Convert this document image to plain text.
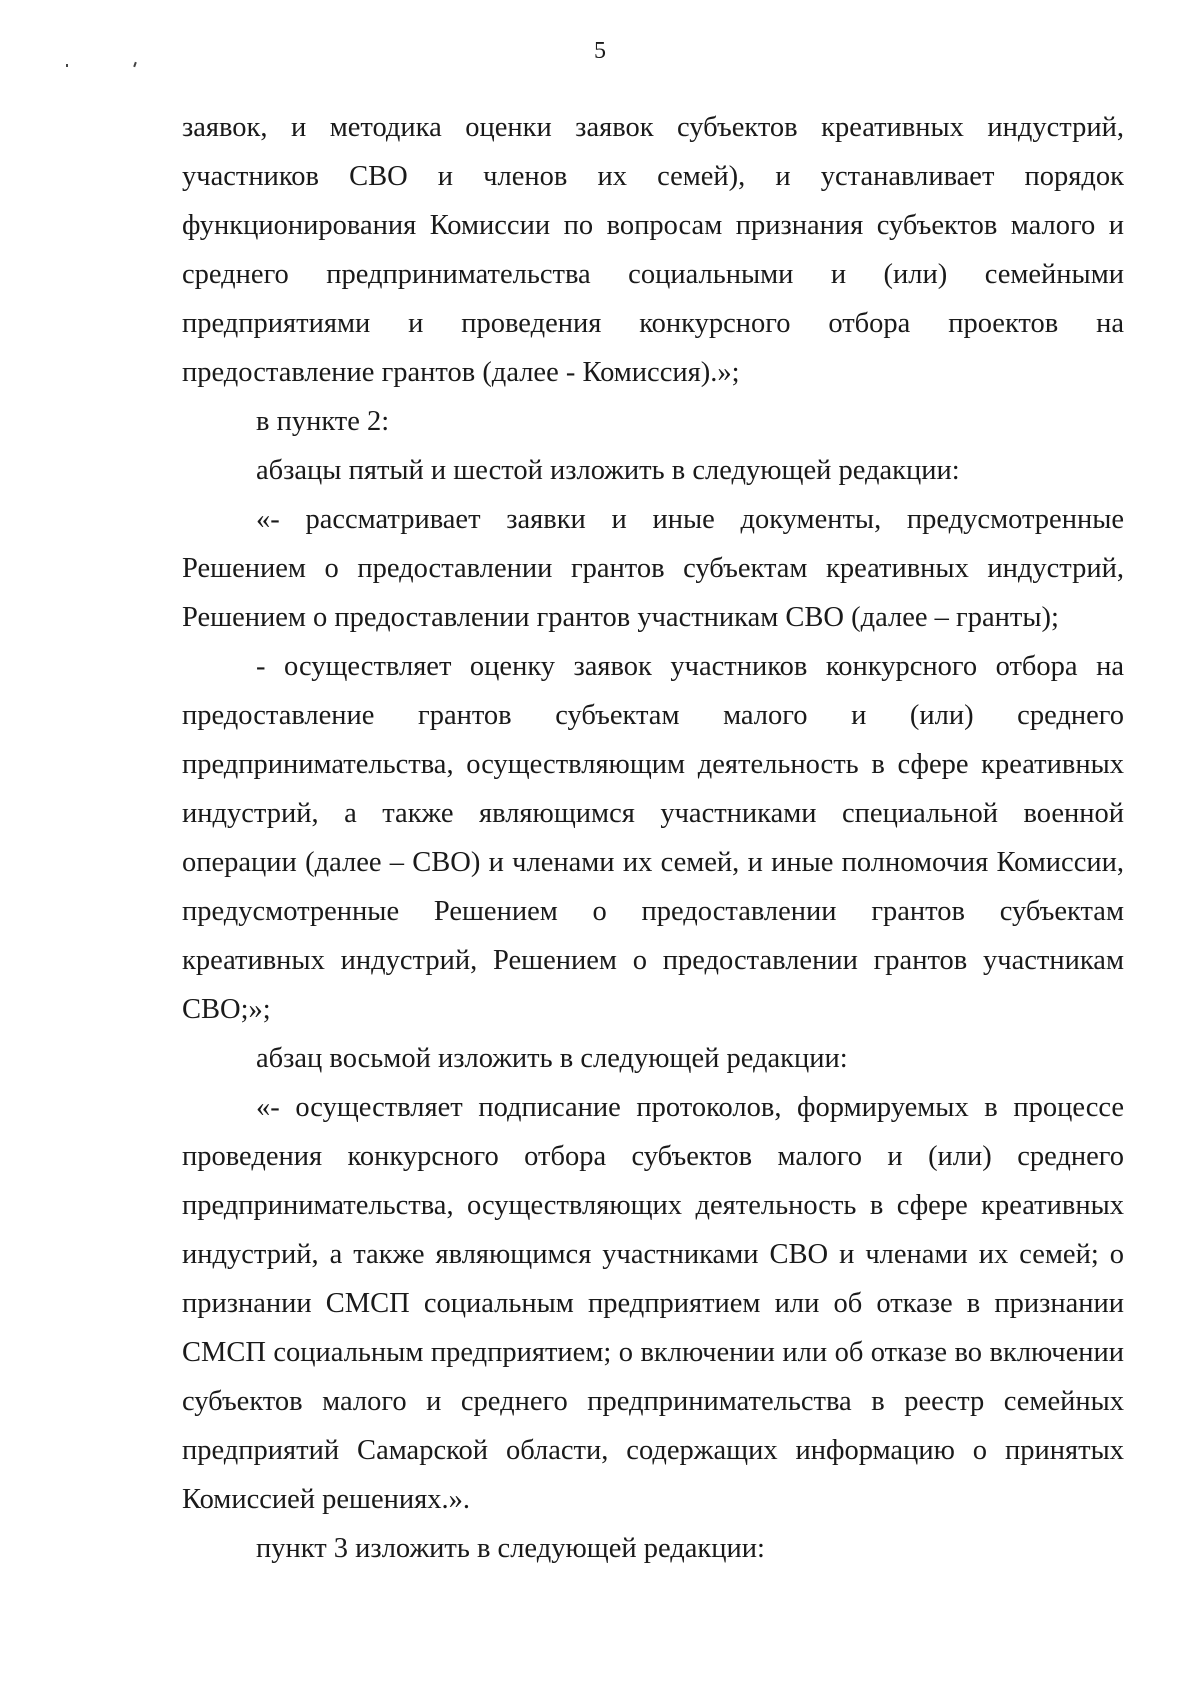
5

заявок, и методика оценки заявок субъектов креативных индустрий, участников СВО и членов их семей), и устанавливает порядок функционирования Комиссии по вопросам признания субъектов малого и среднего предпринимательства социальными и (или) семейными предприятиями и проведения конкурсного отбора проектов на предоставление грантов (далее - Комиссия).»;

в пункте 2:

абзацы пятый и шестой изложить в следующей редакции:

«- рассматривает заявки и иные документы, предусмотренные Решением о предоставлении грантов субъектам креативных индустрий, Решением о предоставлении грантов участникам СВО (далее – гранты);

- осуществляет оценку заявок участников конкурсного отбора на предоставление грантов субъектам малого и (или) среднего предпринимательства, осуществляющим деятельность в сфере креативных индустрий, а также являющимся участниками специальной военной операции (далее – СВО) и членами их семей, и иные полномочия Комиссии, предусмотренные Решением о предоставлении грантов субъектам креативных индустрий, Решением о предоставлении грантов участникам СВО;»;

абзац восьмой изложить в следующей редакции:

«- осуществляет подписание протоколов, формируемых в процессе проведения конкурсного отбора субъектов малого и (или) среднего предпринимательства, осуществляющих деятельность в сфере креативных индустрий, а также являющимся участниками СВО и членами их семей; о признании СМСП социальным предприятием или об отказе в признании СМСП социальным предприятием; о включении или об отказе во включении субъектов малого и среднего предпринимательства в реестр семейных предприятий Самарской области, содержащих информацию о принятых Комиссией решениях.».

пункт 3 изложить в следующей редакции:
